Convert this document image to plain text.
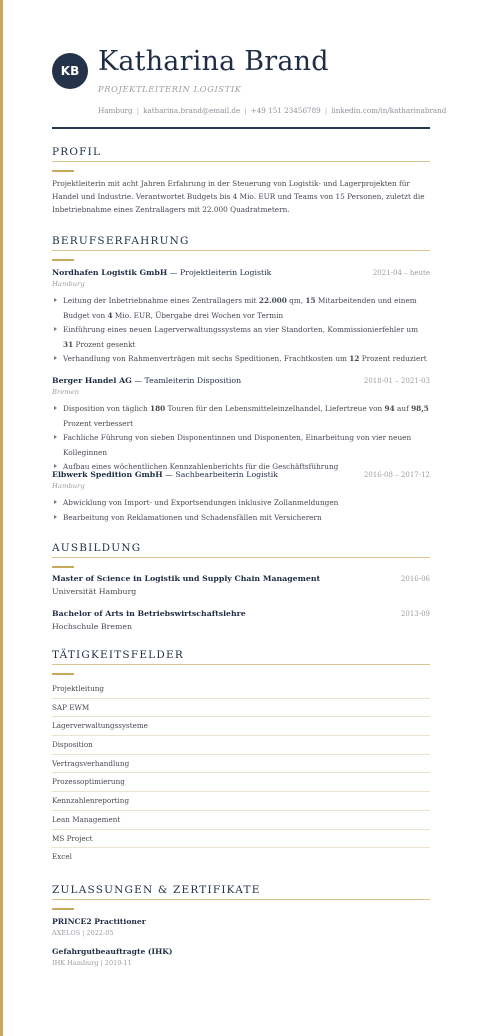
KB Katharina Brand
PROJEKTLEITERIN LOGISTIK
Hamburg | katharina.brand@email.de | +49 151 23456789 | linkedin.com/in/katharinabrand
PROFIL
Projektleiterin mit acht Jahren Erfahrung in der Steuerung von Logistik- und Lagerprojekten für Handel und Industrie. Verantwortet Budgets bis 4 Mio. EUR und Teams von 15 Personen, zuletzt die Inbetriebnahme eines Zentrallagers mit 22.000 Quadratmetern.
BERUFSERFAHRUNG
Nordhafen Logistik GmbH — Projektleiterin Logistik	2021-04 – heute
Hamburg
Leitung der Inbetriebnahme eines Zentrallagers mit 22.000 qm, 15 Mitarbeitenden und einem Budget von 4 Mio. EUR, Übergabe drei Wochen vor Termin
Einführung eines neuen Lagerverwaltungssystems an vier Standorten, Kommissionierfehler um 31 Prozent gesenkt
Verhandlung von Rahmenverträgen mit sechs Speditionen, Frachtkosten um 12 Prozent reduziert
Berger Handel AG — Teamleiterin Disposition	2018-01 – 2021-03
Bremen
Disposition von täglich 180 Touren für den Lebensmitteleinzelhandel, Liefertreue von 94 auf 98,5 Prozent verbessert
Fachliche Führung von sieben Disponentinnen und Disponenten, Einarbeitung von vier neuen Kolleginnen
Aufbau eines wöchentlichen Kennzahlenberichts für die Geschäftsführung
Elbwerk Spedition GmbH — Sachbearbeiterin Logistik	2016-08 – 2017-12
Hamburg
Abwicklung von Import- und Exportsendungen inklusive Zollanmeldungen
Bearbeitung von Reklamationen und Schadensfällen mit Versicherern
AUSBILDUNG
Master of Science in Logistik und Supply Chain Management	2016-06
Universität Hamburg
Bachelor of Arts in Betriebswirtschaftslehre	2013-09
Hochschule Bremen
TÄTIGKEITSFELDER
Projektleitung
SAP EWM
Lagerverwaltungssysteme
Disposition
Vertragsverhandlung
Prozessoptimierung
Kennzahlenreporting
Lean Management
MS Project
Excel
ZULASSUNGEN & ZERTIFIKATE
PRINCE2 Practitioner
AXELOS | 2022-05
Gefahrgutbeauftragte (IHK)
IHK Hamburg | 2019-11
